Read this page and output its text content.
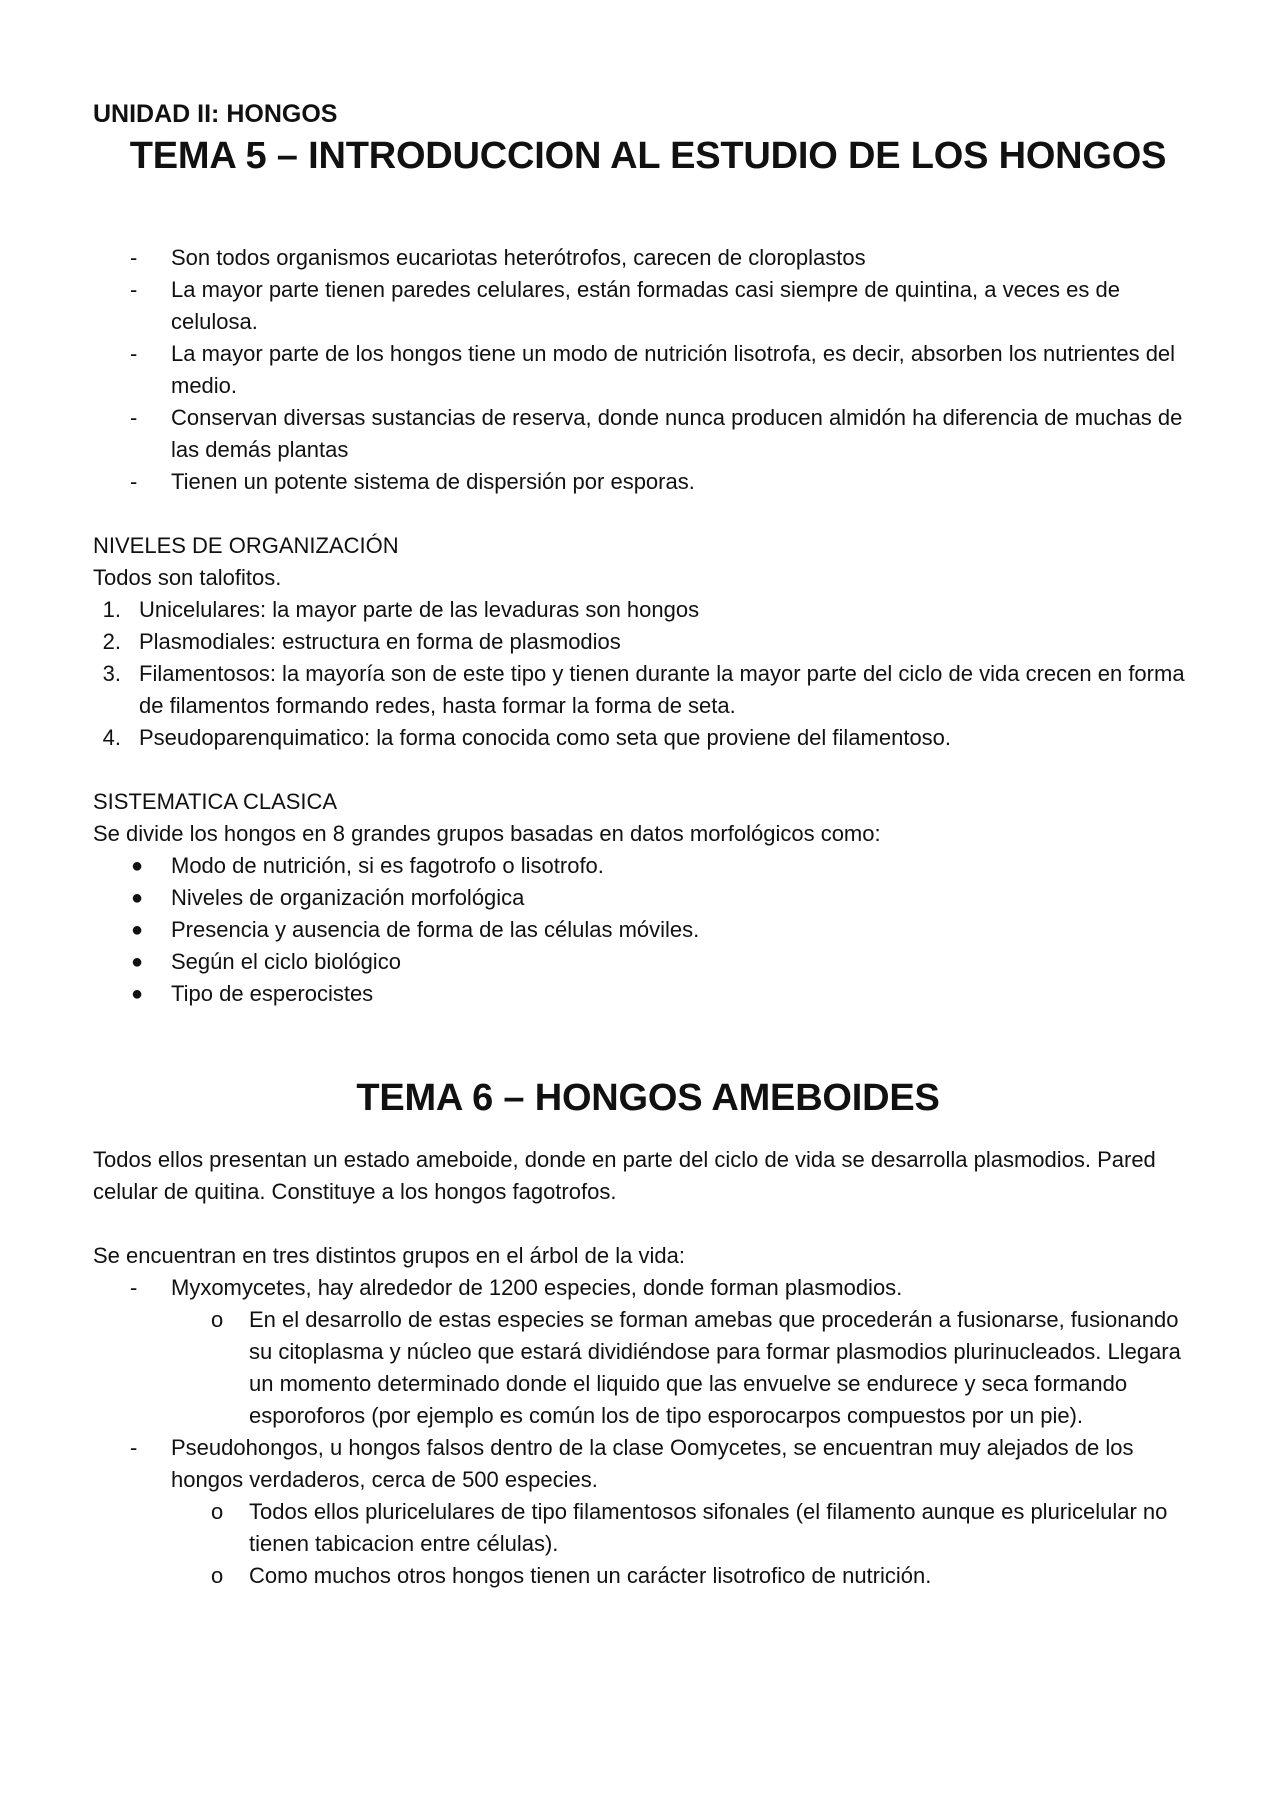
UNIDAD II: HONGOS

TEMA 5 – INTRODUCCION AL ESTUDIO DE LOS HONGOS
- Son todos organismos eucariotas heterótrofos, carecen de cloroplastos
- La mayor parte tienen paredes celulares, están formadas casi siempre de quintina, a veces es de celulosa.
- La mayor parte de los hongos tiene un modo de nutrición lisotrofa, es decir, absorben los nutrientes del medio.
- Conservan diversas sustancias de reserva, donde nunca producen almidón ha diferencia de muchas de las demás plantas
- Tienen un potente sistema de dispersión por esporas.

NIVELES DE ORGANIZACIÓN

Todos son talofitos.

1. Unicelulares: la mayor parte de las levaduras son hongos
2. Plasmodiales: estructura en forma de plasmodios
3. Filamentosos: la mayoría son de este tipo y tienen durante la mayor parte del ciclo de vida crecen en forma de filamentos formando redes, hasta formar la forma de seta.
4. Pseudoparenquimatico: la forma conocida como seta que proviene del filamentoso.

SISTEMATICA CLASICA

Se divide los hongos en 8 grandes grupos basadas en datos morfológicos como:

● Modo de nutrición, si es fagotrofo o lisotrofo.
● Niveles de organización morfológica
● Presencia y ausencia de forma de las células móviles.
● Según el ciclo biológico
● Tipo de esperocistes
TEMA 6 – HONGOS AMEBOIDES

Todos ellos presentan un estado ameboide, donde en parte del ciclo de vida se desarrolla plasmodios. Pared celular de quitina. Constituye a los hongos fagotrofos.

Se encuentran en tres distintos grupos en el árbol de la vida:

- Myxomycetes, hay alrededor de 1200 especies, donde forman plasmodios.
o En el desarrollo de estas especies se forman amebas que procederán a fusionarse, fusionando su citoplasma y núcleo que estará dividiéndose para formar plasmodios plurinucleados. Llegara un momento determinado donde el liquido que las envuelve se endurece y seca formando esporoforos (por ejemplo es común los de tipo esporocarpos compuestos por un pie).
- Pseudohongos, u hongos falsos dentro de la clase Oomycetes, se encuentran muy alejados de los hongos verdaderos, cerca de 500 especies.
o Todos ellos pluricelulares de tipo filamentosos sifonales (el filamento aunque es pluricelular no tienen tabicacion entre células).
o Como muchos otros hongos tienen un carácter lisotrofico de nutrición.
